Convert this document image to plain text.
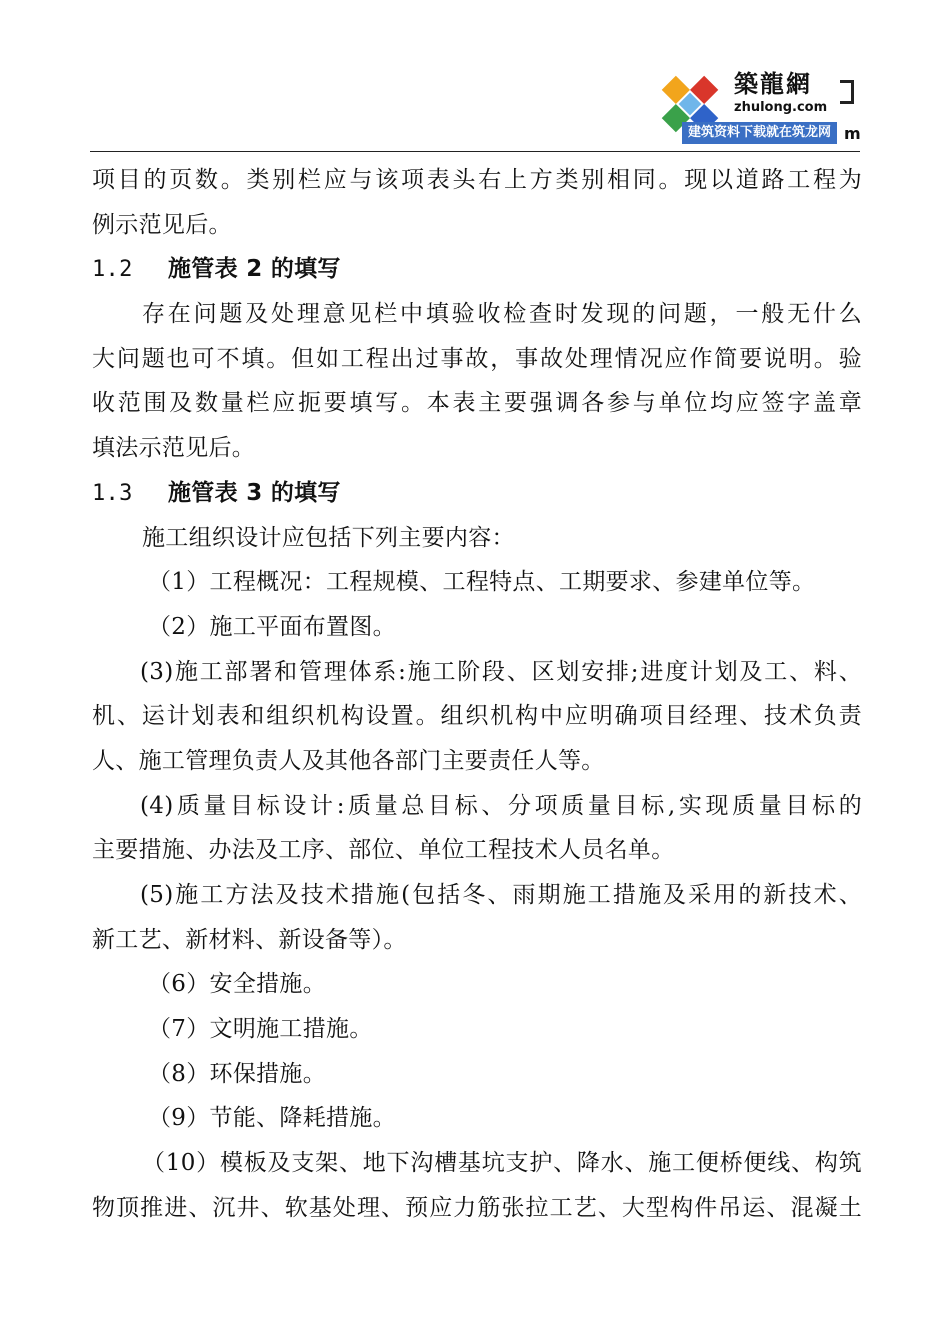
築龍網
zhulong.com
建筑资料下载就在筑龙网 m
项目的页数。类别栏应与该项表头右上方类别相同。现以道路工程为
例示范见后。
1.2 施管表 2 的填写
存在问题及处理意见栏中填验收检查时发现的问题，一般无什么
大问题也可不填。但如工程出过事故，事故处理情况应作简要说明。验
收范围及数量栏应扼要填写。本表主要强调各参与单位均应签字盖章
填法示范见后。
1.3 施管表 3 的填写
施工组织设计应包括下列主要内容：
（1）工程概况：工程规模、工程特点、工期要求、参建单位等。
（2）施工平面布置图。
(3)施工部署和管理体系:施工阶段、区划安排;进度计划及工、料、
机、运计划表和组织机构设置。组织机构中应明确项目经理、技术负责
人、施工管理负责人及其他各部门主要责任人等。
(4)质量目标设计:质量总目标、分项质量目标,实现质量目标的
主要措施、办法及工序、部位、单位工程技术人员名单。
(5)施工方法及技术措施(包括冬、雨期施工措施及采用的新技术、
新工艺、新材料、新设备等）。
（6）安全措施。
（7）文明施工措施。
（8）环保措施。
（9）节能、降耗措施。
（10）模板及支架、地下沟槽基坑支护、降水、施工便桥便线、构筑
物顶推进、沉井、软基处理、预应力筋张拉工艺、大型构件吊运、混凝土
